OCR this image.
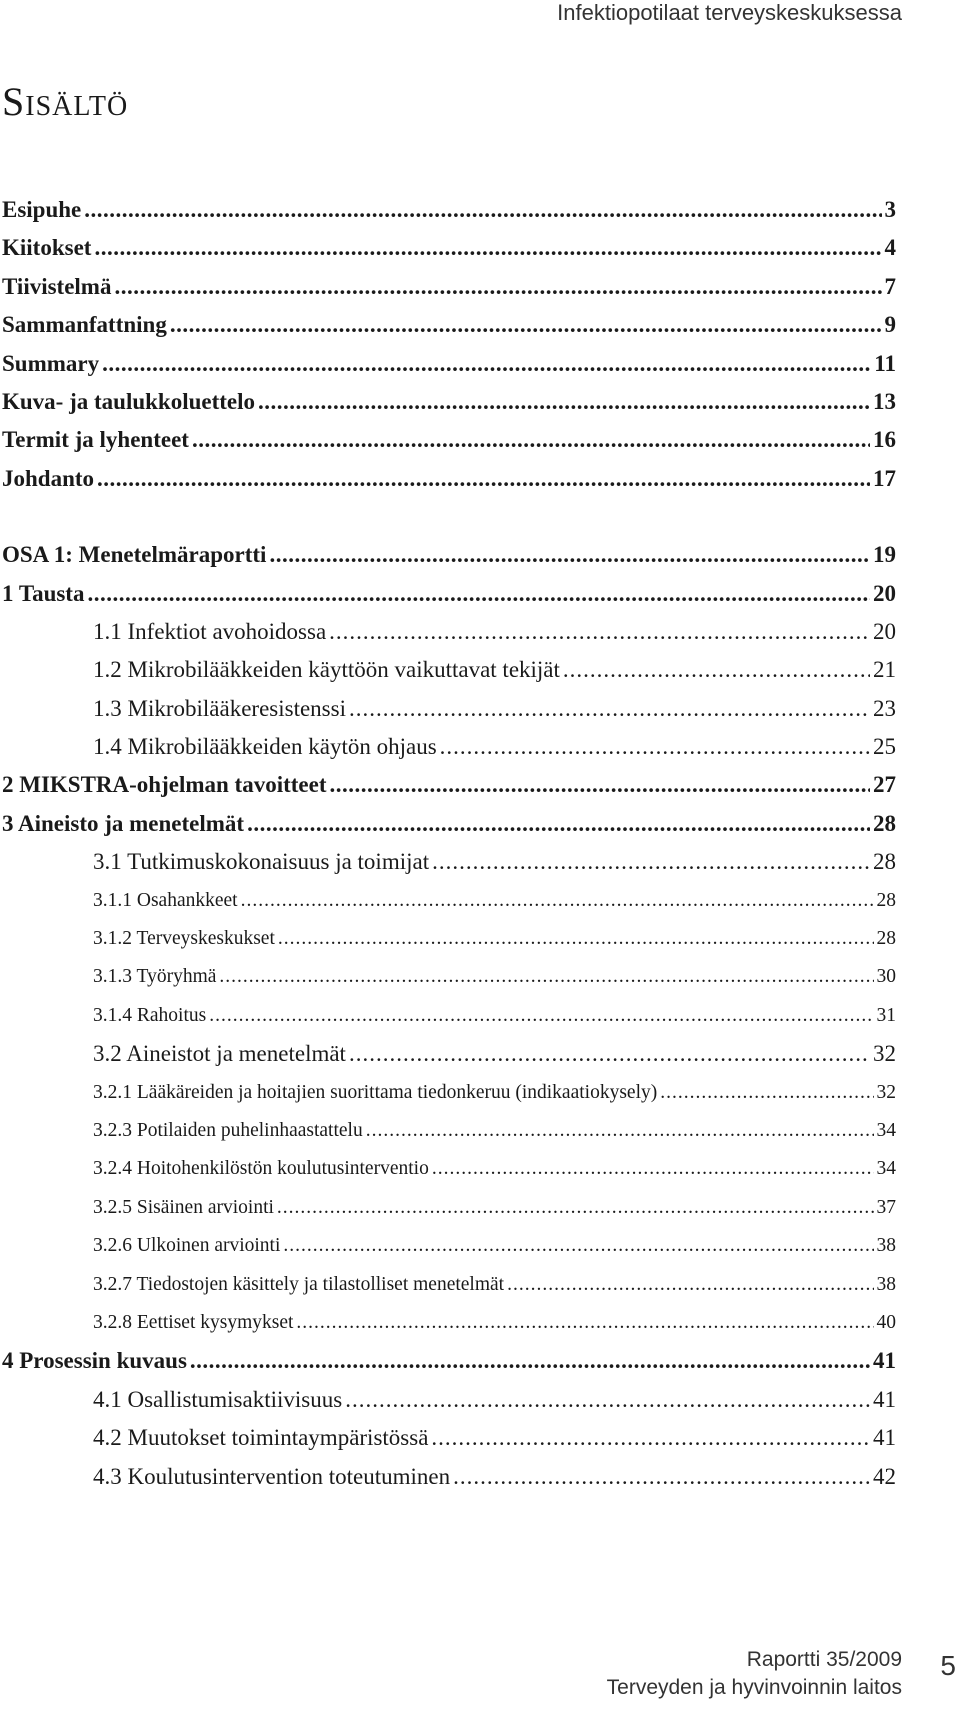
Infektiopotilaat terveyskeskuksessa
Sisältö
Esipuhe .....	3
Kiitokset .....	4
Tiivistelmä .....	7
Sammanfattning .....	9
Summary .....	11
Kuva- ja taulukkoluettelo .....	13
Termit ja lyhenteet .....	16
Johdanto .....	17
OSA 1: Menetelmäraportti .....	19
1 Tausta .....	20
1.1 Infektiot avohoidossa .....	20
1.2 Mikrobilääkkeiden käyttöön vaikuttavat tekijät .....	21
1.3 Mikrobilääkeresistenssi .....	23
1.4 Mikrobilääkkeiden käytön ohjaus .....	25
2 MIKSTRA-ohjelman tavoitteet .....	27
3 Aineisto ja menetelmät .....	28
3.1 Tutkimuskokonaisuus ja toimijat .....	28
3.1.1 Osahankkeet .....	28
3.1.2 Terveyskeskukset .....	28
3.1.3 Työryhmä .....	30
3.1.4 Rahoitus .....	31
3.2 Aineistot ja menetelmät .....	32
3.2.1 Lääkäreiden ja hoitajien suorittama tiedonkeruu (indikaatiokysely) .....	32
3.2.3 Potilaiden puhelinhaastattelu .....	34
3.2.4 Hoitohenkilöstön koulutusinterventio .....	34
3.2.5 Sisäinen arviointi .....	37
3.2.6 Ulkoinen arviointi .....	38
3.2.7 Tiedostojen käsittely ja tilastolliset menetelmät .....	38
3.2.8 Eettiset kysymykset .....	40
4 Prosessin kuvaus .....	41
4.1 Osallistumisaktiivisuus .....	41
4.2 Muutokset toimintaympäristössä .....	41
4.3 Koulutusintervention toteutuminen .....	42
Raportti 35/2009
Terveyden ja hyvinvoinnin laitos
5
